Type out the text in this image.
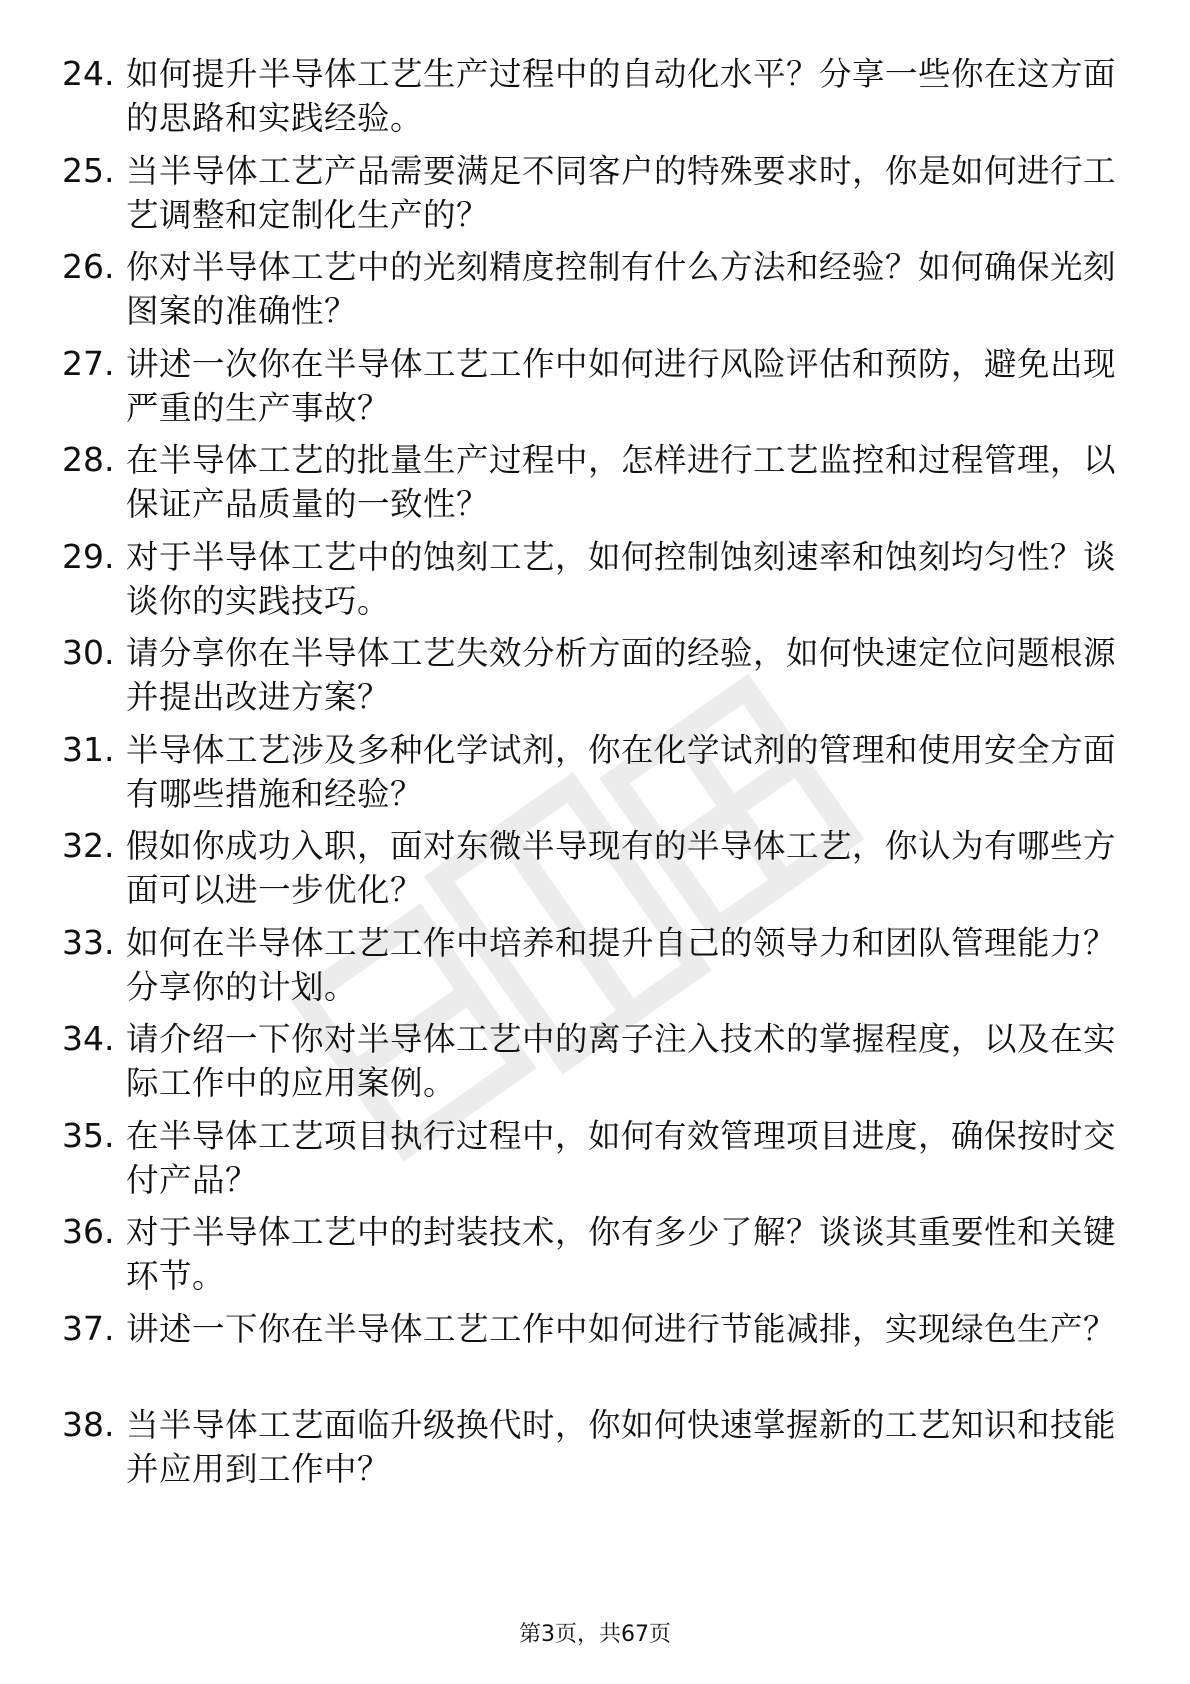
24. 如何提升半导体工艺生产过程中的自动化水平？分享一些你在这方面的思路和实践经验。
25. 当半导体工艺产品需要满足不同客户的特殊要求时，你是如何进行工艺调整和定制化生产的？
26. 你对半导体工艺中的光刻精度控制有什么方法和经验？如何确保光刻图案的准确性？
27. 讲述一次你在半导体工艺工作中如何进行风险评估和预防，避免出现严重的生产事故？
28. 在半导体工艺的批量生产过程中，怎样进行工艺监控和过程管理，以保证产品质量的一致性？
29. 对于半导体工艺中的蚀刻工艺，如何控制蚀刻速率和蚀刻均匀性？谈谈你的实践技巧。
30. 请分享你在半导体工艺失效分析方面的经验，如何快速定位问题根源并提出改进方案？
31. 半导体工艺涉及多种化学试剂，你在化学试剂的管理和使用安全方面有哪些措施和经验？
32. 假如你成功入职，面对东微半导现有的半导体工艺，你认为有哪些方面可以进一步优化？
33. 如何在半导体工艺工作中培养和提升自己的领导力和团队管理能力？分享你的计划。
34. 请介绍一下你对半导体工艺中的离子注入技术的掌握程度，以及在实际工作中的应用案例。
35. 在半导体工艺项目执行过程中，如何有效管理项目进度，确保按时交付产品？
36. 对于半导体工艺中的封装技术，你有多少了解？谈谈其重要性和关键环节。
37. 讲述一下你在半导体工艺工作中如何进行节能减排，实现绿色生产？
38. 当半导体工艺面临升级换代时，你如何快速掌握新的工艺知识和技能并应用到工作中？
第3页，共67页
